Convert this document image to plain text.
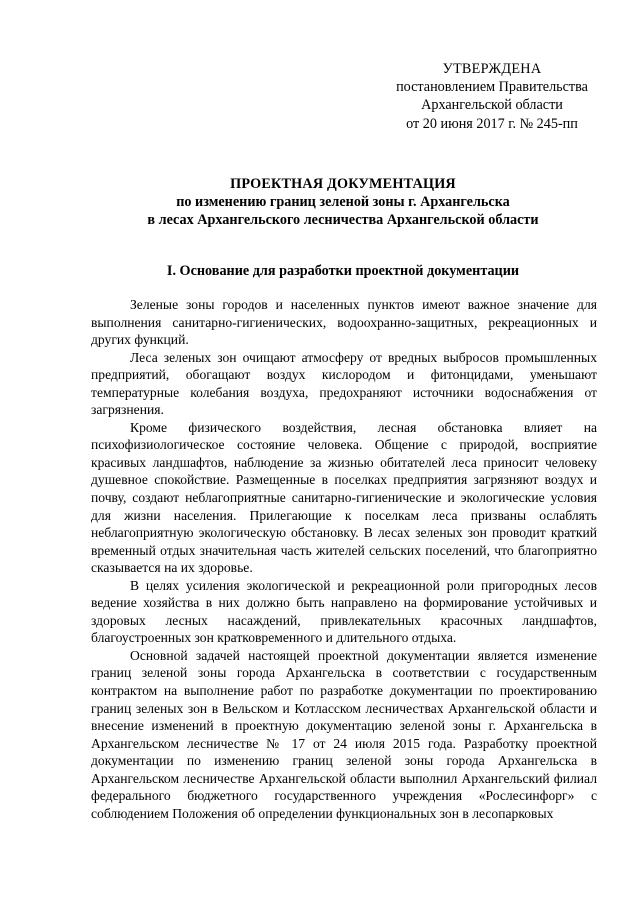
УТВЕРЖДЕНА
постановлением Правительства
Архангельской области
от 20 июня 2017 г. № 245-пп
ПРОЕКТНАЯ ДОКУМЕНТАЦИЯ
по изменению границ зеленой зоны г. Архангельска
в лесах Архангельского лесничества Архангельской области
I. Основание для разработки проектной документации

Зеленые зоны городов и населенных пунктов имеют важное значение для выполнения санитарно-гигиенических, водоохранно-защитных, рекреационных и других функций.

Леса зеленых зон очищают атмосферу от вредных выбросов промышленных предприятий, обогащают воздух кислородом и фитонцидами, уменьшают температурные колебания воздуха, предохраняют источники водоснабжения от загрязнения.

Кроме физического воздействия, лесная обстановка влияет на психофизиологическое состояние человека. Общение с природой, восприятие красивых ландшафтов, наблюдение за жизнью обитателей леса приносит человеку душевное спокойствие. Размещенные в поселках предприятия загрязняют воздух и почву, создают неблагоприятные санитарно-гигиенические и экологические условия для жизни населения. Прилегающие к поселкам леса призваны ослаблять неблагоприятную экологическую обстановку. В лесах зеленых зон проводит краткий временный отдых значительная часть жителей сельских поселений, что благоприятно сказывается на их здоровье.

В целях усиления экологической и рекреационной роли пригородных лесов ведение хозяйства в них должно быть направлено на формирование устойчивых и здоровых лесных насаждений, привлекательных красочных ландшафтов, благоустроенных зон кратковременного и длительного отдыха.

Основной задачей настоящей проектной документации является изменение границ зеленой зоны города Архангельска в соответствии с государственным контрактом на выполнение работ по разработке документации по проектированию границ зеленых зон в Вельском и Котласском лесничествах Архангельской области и внесение изменений в проектную документацию зеленой зоны г. Архангельска в Архангельском лесничестве № 17 от 24 июля 2015 года. Разработку проектной документации по изменению границ зеленой зоны города Архангельска в Архангельском лесничестве Архангельской области выполнил Архангельский филиал федерального бюджетного государственного учреждения «Рослесинфорг» с соблюдением Положения об определении функциональных зон в лесопарковых
